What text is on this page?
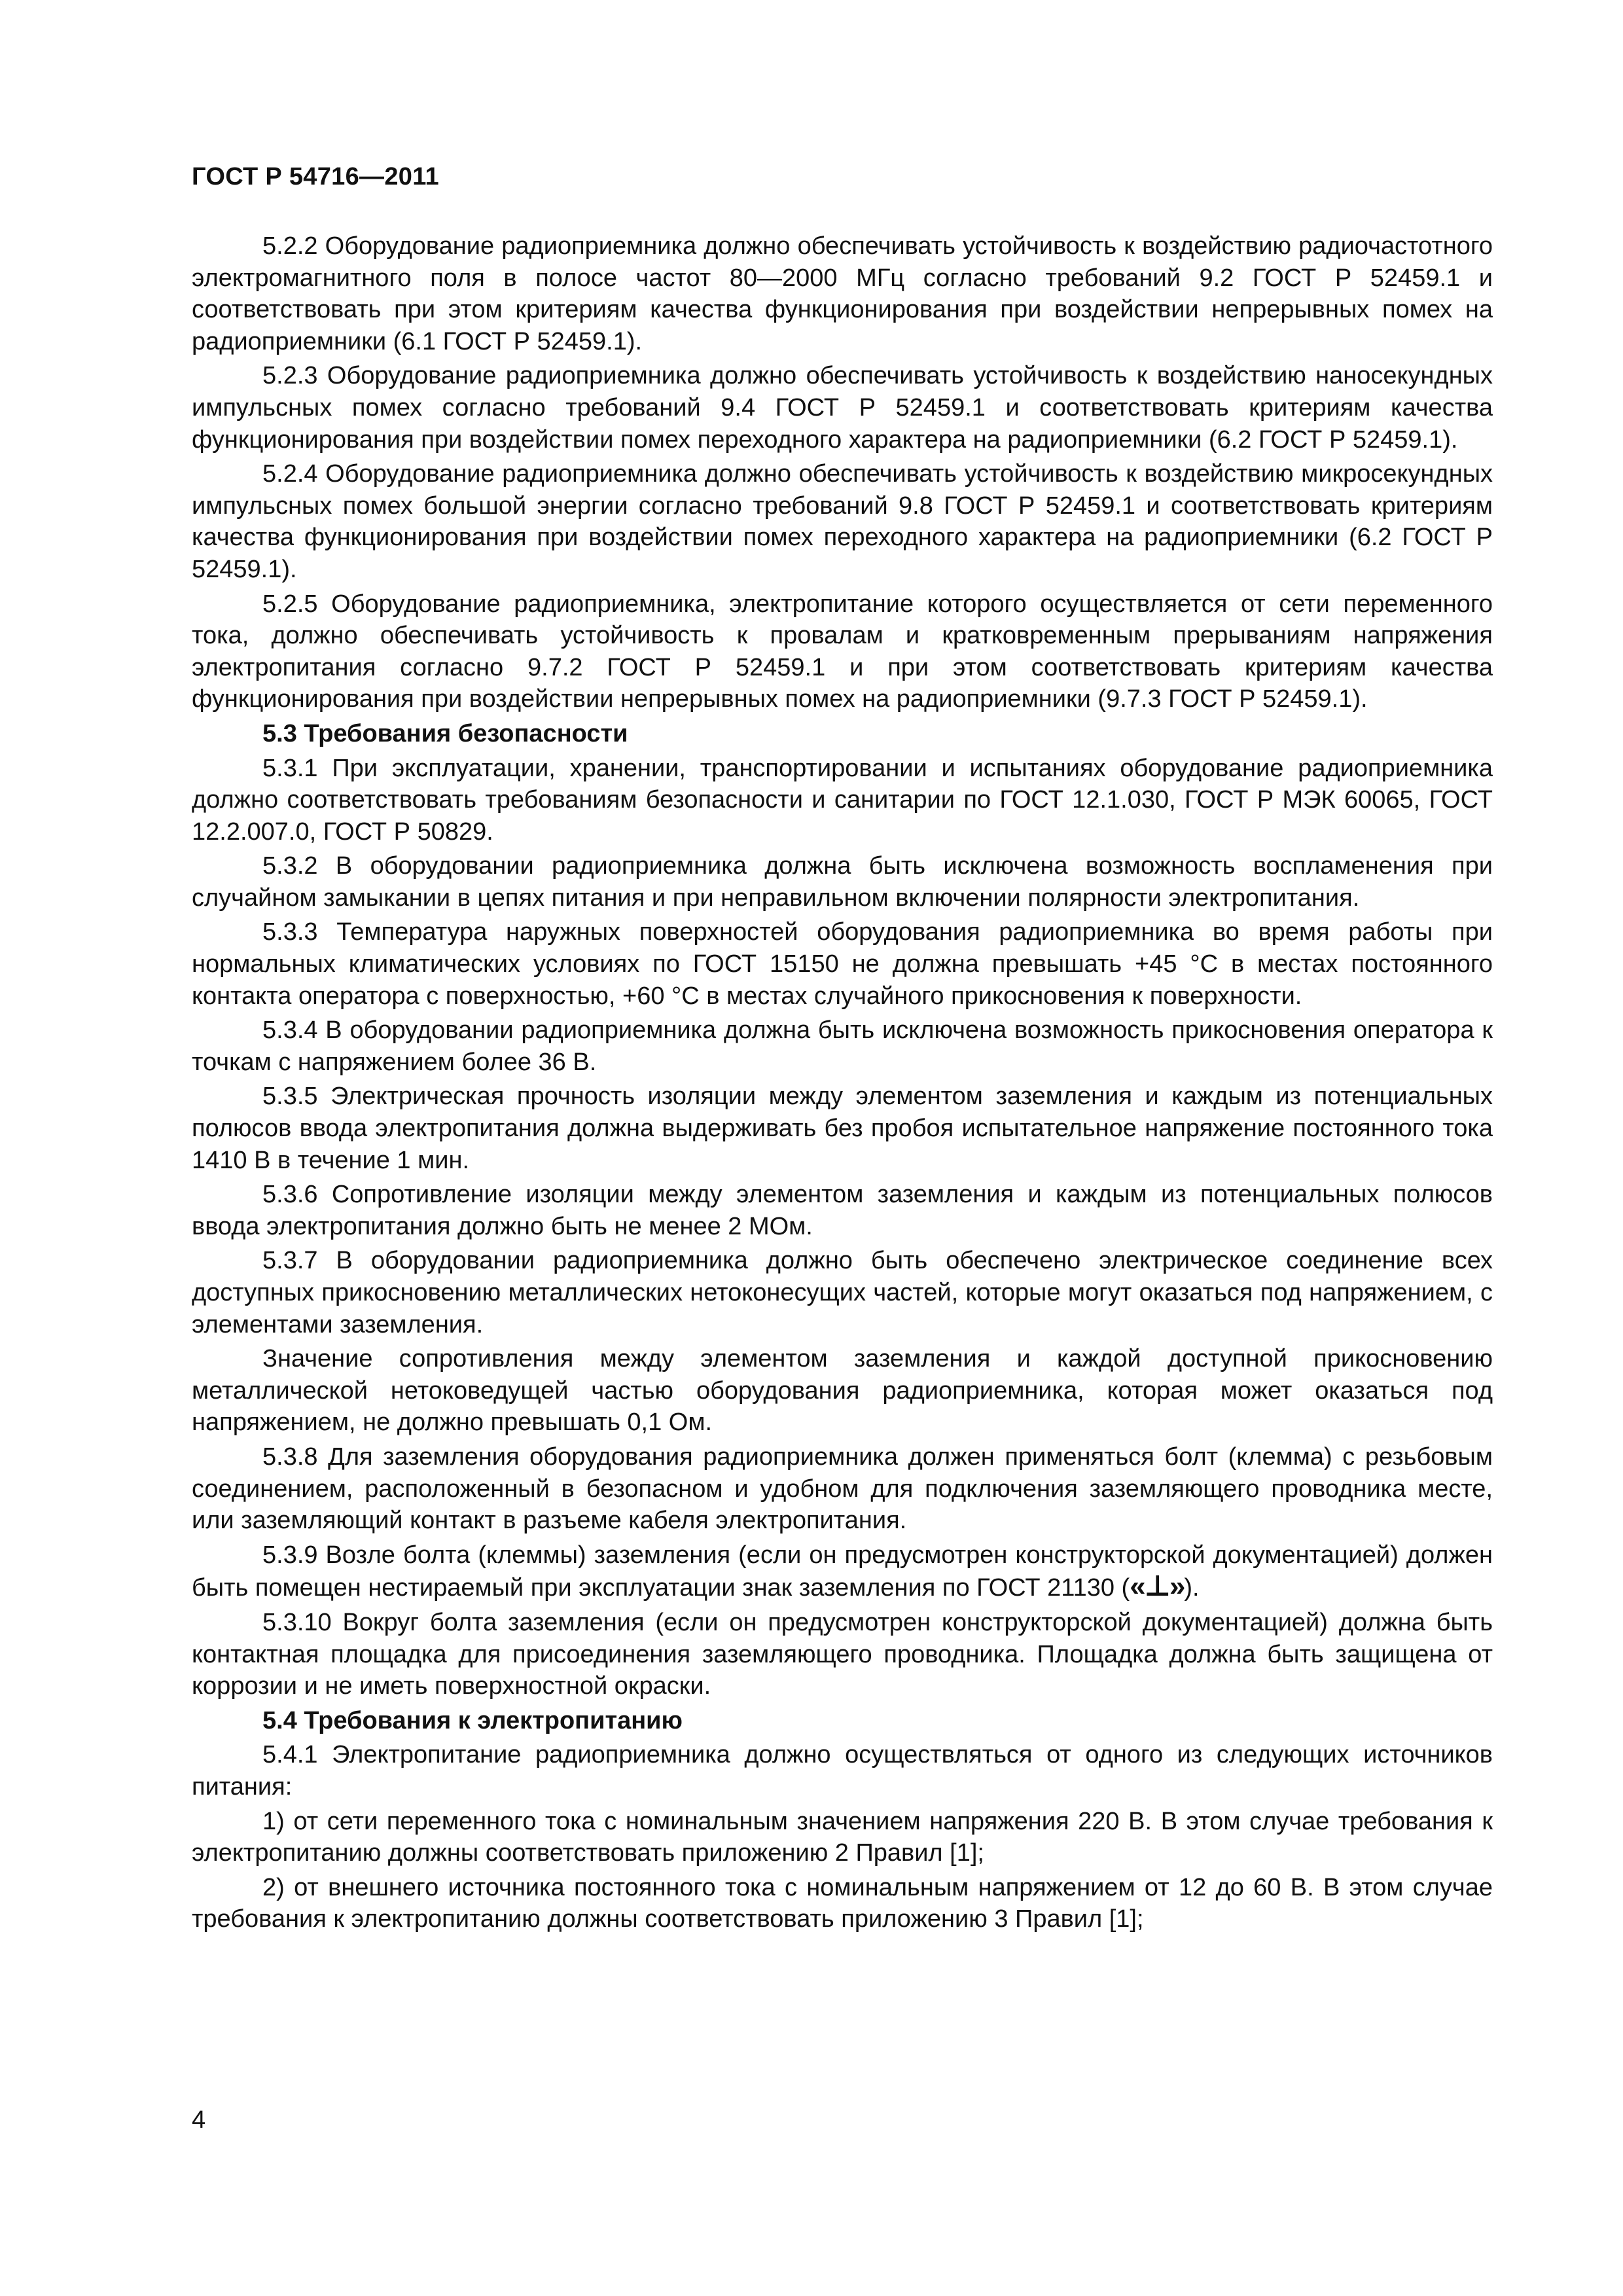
ГОСТ Р 54716—2011

5.2.2 Оборудование радиоприемника должно обеспечивать устойчивость к воздействию радиочастотного электромагнитного поля в полосе частот 80—2000 МГц согласно требований 9.2 ГОСТ Р 52459.1 и соответствовать при этом критериям качества функционирования при воздействии непрерывных помех на радиоприемники (6.1 ГОСТ Р 52459.1).

5.2.3 Оборудование радиоприемника должно обеспечивать устойчивость к воздействию наносекундных импульсных помех согласно требований 9.4 ГОСТ Р 52459.1 и соответствовать критериям качества функционирования при воздействии помех переходного характера на радиоприемники (6.2 ГОСТ Р 52459.1).

5.2.4 Оборудование радиоприемника должно обеспечивать устойчивость к воздействию микросекундных импульсных помех большой энергии согласно требований 9.8 ГОСТ Р 52459.1 и соответствовать критериям качества функционирования при воздействии помех переходного характера на радиоприемники (6.2 ГОСТ Р 52459.1).

5.2.5 Оборудование радиоприемника, электропитание которого осуществляется от сети переменного тока, должно обеспечивать устойчивость к провалам и кратковременным прерываниям напряжения электропитания согласно 9.7.2 ГОСТ Р 52459.1 и при этом соответствовать критериям качества функционирования при воздействии непрерывных помех на радиоприемники (9.7.3 ГОСТ Р 52459.1).

5.3 Требования безопасности

5.3.1 При эксплуатации, хранении, транспортировании и испытаниях оборудование радиоприемника должно соответствовать требованиям безопасности и санитарии по ГОСТ 12.1.030, ГОСТ Р МЭК 60065, ГОСТ 12.2.007.0, ГОСТ Р 50829.

5.3.2 В оборудовании радиоприемника должна быть исключена возможность воспламенения при случайном замыкании в цепях питания и при неправильном включении полярности электропитания.

5.3.3 Температура наружных поверхностей оборудования радиоприемника во время работы при нормальных климатических условиях по ГОСТ 15150 не должна превышать +45 °С в местах постоянного контакта оператора с поверхностью, +60 °С в местах случайного прикосновения к поверхности.

5.3.4 В оборудовании радиоприемника должна быть исключена возможность прикосновения оператора к точкам с напряжением более 36 В.

5.3.5 Электрическая прочность изоляции между элементом заземления и каждым из потенциальных полюсов ввода электропитания должна выдерживать без пробоя испытательное напряжение постоянного тока 1410 В в течение 1 мин.

5.3.6 Сопротивление изоляции между элементом заземления и каждым из потенциальных полюсов ввода электропитания должно быть не менее 2 МОм.

5.3.7 В оборудовании радиоприемника должно быть обеспечено электрическое соединение всех доступных прикосновению металлических нетоконесущих частей, которые могут оказаться под напряжением, с элементами заземления.

Значение сопротивления между элементом заземления и каждой доступной прикосновению металлической нетоковедущей частью оборудования радиоприемника, которая может оказаться под напряжением, не должно превышать 0,1 Ом.

5.3.8 Для заземления оборудования радиоприемника должен применяться болт (клемма) с резьбовым соединением, расположенный в безопасном и удобном для подключения заземляющего проводника месте, или заземляющий контакт в разъеме кабеля электропитания.

5.3.9 Возле болта (клеммы) заземления (если он предусмотрен конструкторской документацией) должен быть помещен нестираемый при эксплуатации знак заземления по ГОСТ 21130 («⊥»).

5.3.10 Вокруг болта заземления (если он предусмотрен конструкторской документацией) должна быть контактная площадка для присоединения заземляющего проводника. Площадка должна быть защищена от коррозии и не иметь поверхностной окраски.

5.4 Требования к электропитанию

5.4.1 Электропитание радиоприемника должно осуществляться от одного из следующих источников питания:

1) от сети переменного тока с номинальным значением напряжения 220 В. В этом случае требования к электропитанию должны соответствовать приложению 2 Правил [1];

2) от внешнего источника постоянного тока с номинальным напряжением от 12 до 60 В. В этом случае требования к электропитанию должны соответствовать приложению 3 Правил [1];

4
